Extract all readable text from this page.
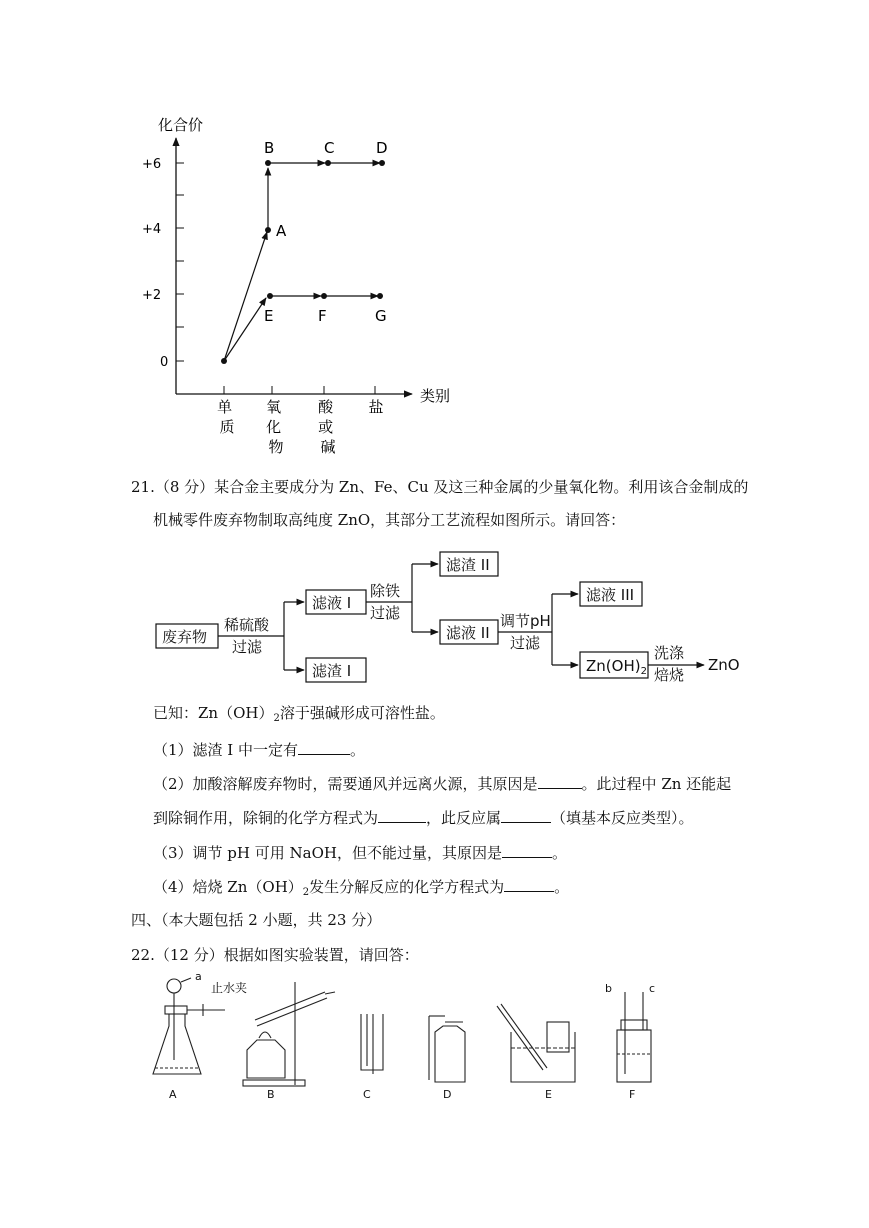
化合价
类别
+6
+4
+2
0
单 质
氧 化 物
酸 或 碱
盐
A
B	C	D
E	F	G
21.（8 分）某合金主要成分为 Zn、Fe、Cu 及这三种金属的少量氧化物。利用该合金制成的
机械零件废弃物制取高纯度 ZnO，其部分工艺流程如图所示。请回答：
废弃物
稀硫酸
过滤
滤液 I
滤渣 I
除铁
过滤
滤渣 II
滤液 II
调节pH
过滤
滤液 III
$Zn(OH)_2$
洗涤
焙烧
ZnO
已知：$Zn(OH)_2$溶于强碱形成可溶性盐。
（1）滤渣 I 中一定有	。
（2）加酸溶解废弃物时，需要通风并远离火源，其原因是	。此过程中 Zn 还能起
到除铜作用，除铜的化学方程式为	，此反应属	（填基本反应类型）。
（3）调节 pH 可用 NaOH，但不能过量，其原因是	。
（4）焙烧 $Zn(OH)_2$发生分解反应的化学方程式为	。
四、（本大题包括 2 小题，共 23 分）
22.（12 分）根据如图实验装置，请回答：
a
止水夹	b	c
A	B	C	D	E	F
